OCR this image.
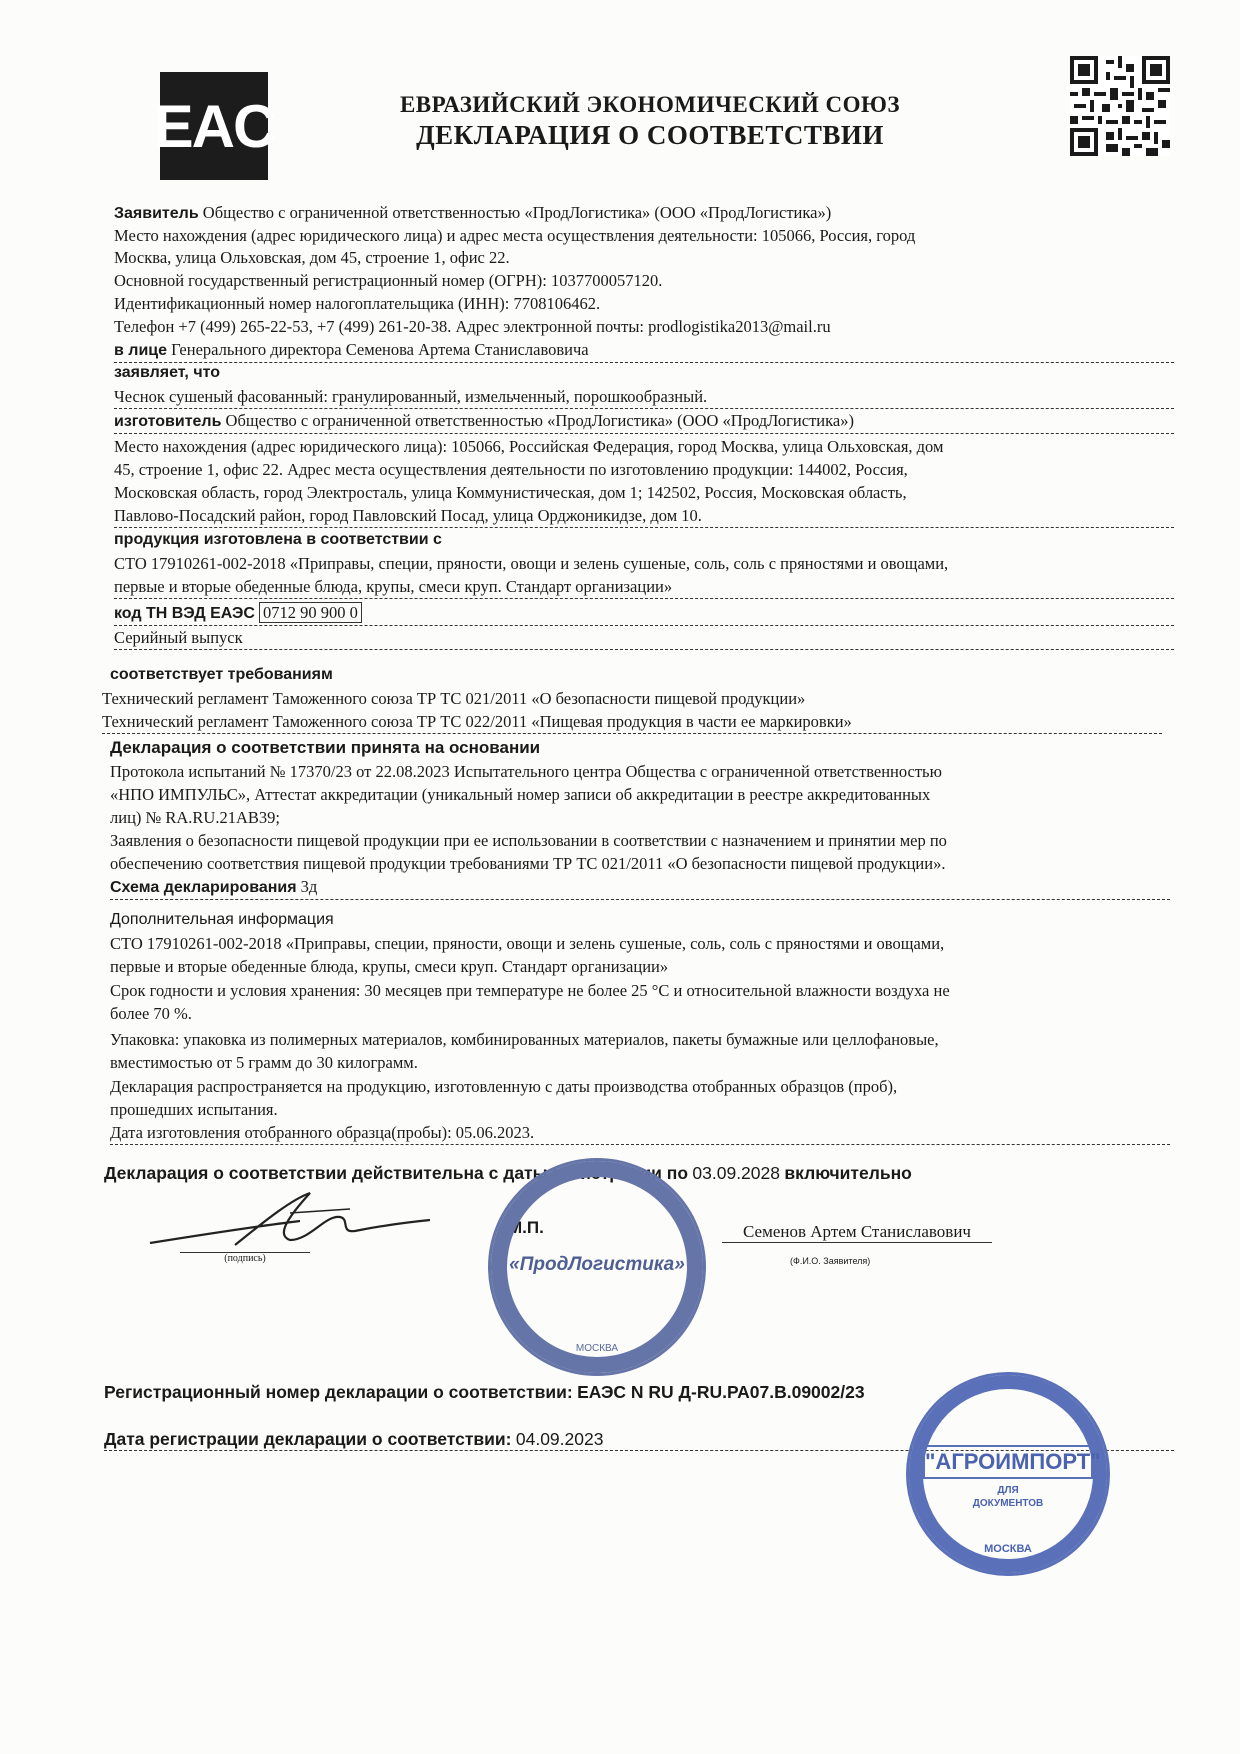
EAC	ЕВРАЗИЙСКИЙ ЭКОНОМИЧЕСКИЙ СОЮЗ
ДЕКЛАРАЦИЯ О СООТВЕТСТВИИ
Заявитель Общество с ограниченной ответственностью «ПродЛогистика» (ООО «ПродЛогистика»)
Место нахождения (адрес юридического лица) и адрес места осуществления деятельности: 105066, Россия, город
Москва, улица Ольховская, дом 45, строение 1, офис 22.
Основной государственный регистрационный номер (ОГРН): 1037700057120.
Идентификационный номер налогоплательщика (ИНН): 7708106462.
Телефон +7 (499) 265-22-53, +7 (499) 261-20-38. Адрес электронной почты: prodlogistika2013@mail.ru
в лице Генерального директора Семенова Артема Станиславовича
заявляет, что
Чеснок сушеный фасованный: гранулированный, измельченный, порошкообразный.
изготовитель Общество с ограниченной ответственностью «ПродЛогистика» (ООО «ПродЛогистика»)
Место нахождения (адрес юридического лица): 105066, Российская Федерация, город Москва, улица Ольховская, дом
45, строение 1, офис 22. Адрес места осуществления деятельности по изготовлению продукции: 144002, Россия,
Московская область, город Электросталь, улица Коммунистическая, дом 1; 142502, Россия, Московская область,
Павлово-Посадский район, город Павловский Посад, улица Орджоникидзе, дом 10.
продукция изготовлена в соответствии с
СТО 17910261-002-2018 «Приправы, специи, пряности, овощи и зелень сушеные, соль, соль с пряностями и овощами,
первые и вторые обеденные блюда, крупы, смеси круп. Стандарт организации»
код ТН ВЭД ЕАЭС 0712 90 900 0
Серийный выпуск
соответствует требованиям
Технический регламент Таможенного союза ТР ТС 021/2011 «О безопасности пищевой продукции»
Технический регламент Таможенного союза ТР ТС 022/2011 «Пищевая продукция в части ее маркировки»
Декларация о соответствии принята на основании
Протокола испытаний № 17370/23 от 22.08.2023 Испытательного центра Общества с ограниченной ответственностью
«НПО ИМПУЛЬС», Аттестат аккредитации (уникальный номер записи об аккредитации в реестре аккредитованных
лиц) № RA.RU.21АВ39;
Заявления о безопасности пищевой продукции при ее использовании в соответствии с назначением и принятии мер по
обеспечению соответствия пищевой продукции требованиями ТР ТС 021/2011 «О безопасности пищевой продукции».
Схема декларирования 3д
Дополнительная информация
СТО 17910261-002-2018 «Приправы, специи, пряности, овощи и зелень сушеные, соль, соль с пряностями и овощами,
первые и вторые обеденные блюда, крупы, смеси круп. Стандарт организации»
Срок годности и условия хранения: 30 месяцев при температуре не более 25 °С и относительной влажности воздуха не
более 70 %.
Упаковка: упаковка из полимерных материалов, комбинированных материалов, пакеты бумажные или целлофановые,
вместимостью от 5 грамм до 30 килограмм.
Декларация распространяется на продукцию, изготовленную с даты производства отобранных образцов (проб),
прошедших испытания.
Дата изготовления отобранного образца(пробы): 05.06.2023.
Декларация о соответствии действительна с даты регистрации по 03.09.2028 включительно
(подпись)
М.П.	Семенов Артем Станиславович
(Ф.И.О. Заявителя)
«ПродЛогистика»
МОСКВА
Регистрационный номер декларации о соответствии: ЕАЭС N RU Д-RU.РА07.В.09002/23
Дата регистрации декларации о соответствии: 04.09.2023
"АГРОИМПОРТ"
ДЛЯ
ДОКУМЕНТОВ
МОСКВА
